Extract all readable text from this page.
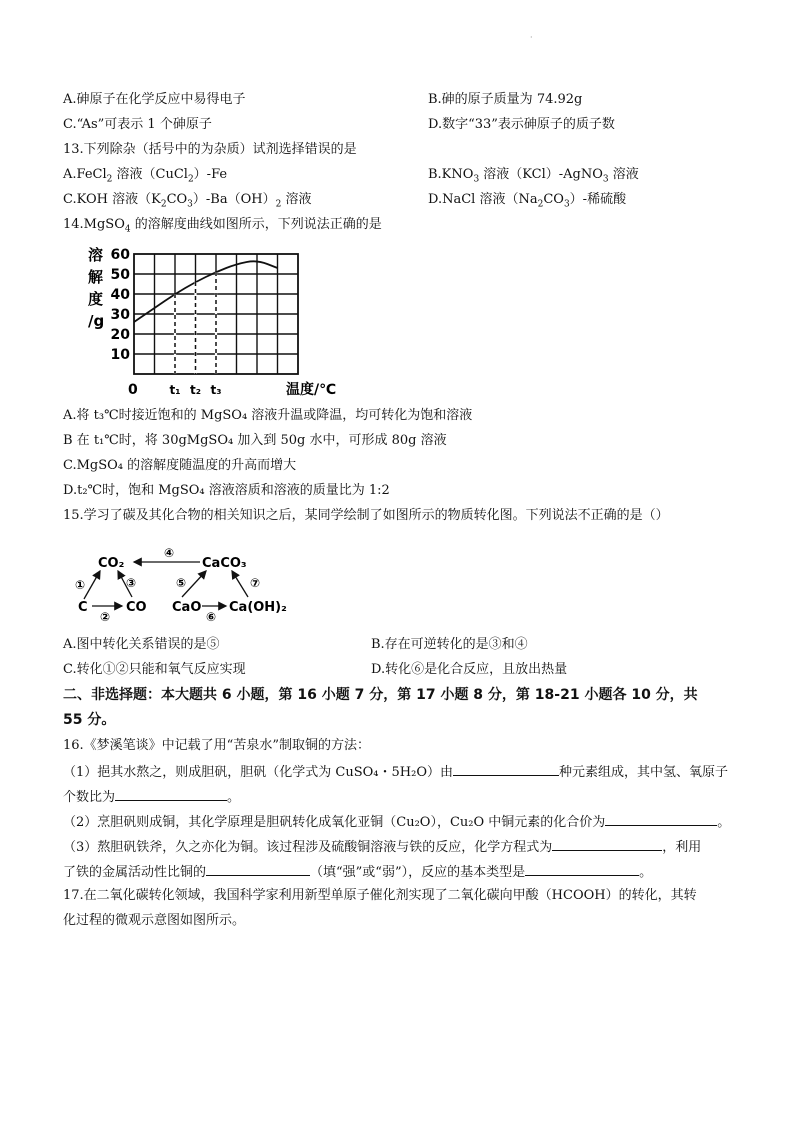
·
A.砷原子在化学反应中易得电子	B.砷的原子质量为 74.92g
C.“As”可表示 1 个砷原子	D.数字“33”表示砷原子的质子数
13.下列除杂（括号中的为杂质）试剂选择错误的是
A.FeCl$_2$ 溶液（CuCl$_2$）-Fe	$B.KNO_3$ 溶液（KCl）-AgNO$_3$ 溶液
C.KOH 溶液$(K_2CO_3)-Ba(OH)_2$ 溶液	D.NaCl 溶液$(Na_2CO_3)-$稀硫酸
14.MgSO$_4$ 的溶解度曲线如图所示，下列说法正确的是
溶
解
度
/g
10
20
30
40
50
60
0	t₁ t₂ t₃	温度/℃
A.将 t₃℃时接近饱和的 MgSO₄ 溶液升温或降温，均可转化为饱和溶液
B 在 t₁℃时，将 30gMgSO₄ 加入到 50g 水中，可形成 80g 溶液
C.MgSO₄ 的溶解度随温度的升高而增大
D.t₂℃时，饱和 MgSO₄ 溶液溶质和溶液的质量比为 1:2
15.学习了碳及其化合物的相关知识之后，某同学绘制了如图所示的物质转化图。下列说法不正确的是（）
CO₂	CaCO₃
C	CO CaO Ca(OH)₂
④
①
②
③	⑤
⑥
⑦
A.图中转化关系错误的是⑤	B.存在可逆转化的是③和④
C.转化①②只能和氧气反应实现	D.转化⑥是化合反应，且放出热量
二、非选择题：本大题共 6 小题，第 16 小题 7 分，第 17 小题 8 分，第 18-21 小题各 10 分，共
55 分。
16.《梦溪笔谈》中记载了用“苦泉水”制取铜的方法：
（1）挹其水熬之，则成胆矾，胆矾（化学式为 CuSO₄・5H₂O）由	种元素组成，其中氢、氧原子
个数比为	。
（2）烹胆矾则成铜，其化学原理是胆矾转化成氧化亚铜（Cu₂O），Cu₂O 中铜元素的化合价为	。
（3）熬胆矾铁斧，久之亦化为铜。该过程涉及硫酸铜溶液与铁的反应，化学方程式为	，利用
了铁的金属活动性比铜的	（填“强”或“弱”），反应的基本类型是	。
17.在二氧化碳转化领域，我国科学家利用新型单原子催化剂实现了二氧化碳向甲酸（HCOOH）的转化，其转
化过程的微观示意图如图所示。
